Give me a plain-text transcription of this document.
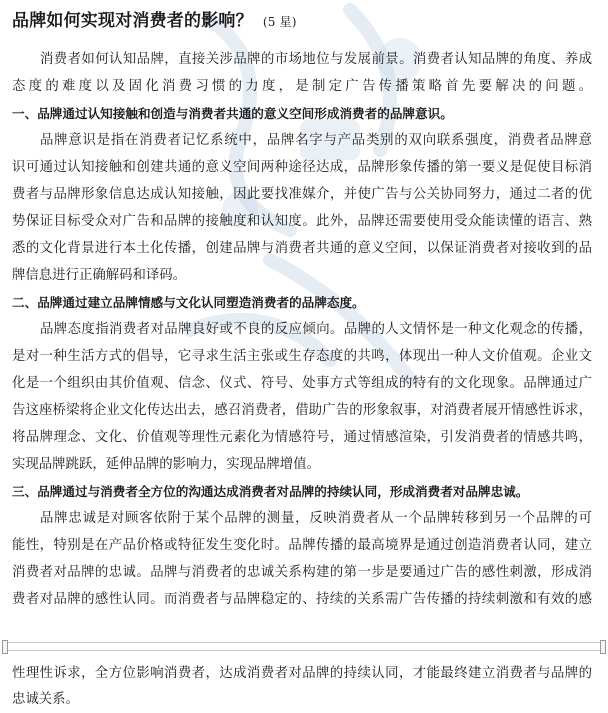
品牌如何实现对消费者的影响？ (5 星)
消费者如何认知品牌，直接关涉品牌的市场地位与发展前景。消费者认知品牌的角度、养成
态度的难度以及固化消费习惯的力度，是制定广告传播策略首先要解决的问题。
一、品牌通过认知接触和创造与消费者共通的意义空间形成消费者的品牌意识。
品牌意识是指在消费者记忆系统中，品牌名字与产品类别的双向联系强度，消费者品牌意
识可通过认知接触和创建共通的意义空间两种途径达成，品牌形象传播的第一要义是促使目标消
费者与品牌形象信息达成认知接触，因此要找准媒介，并使广告与公关协同努力，通过二者的优
势保证目标受众对广告和品牌的接触度和认知度。此外，品牌还需要使用受众能读懂的语言、熟
悉的文化背景进行本土化传播，创建品牌与消费者共通的意义空间，以保证消费者对接收到的品
牌信息进行正确解码和译码。
二、品牌通过建立品牌情感与文化认同塑造消费者的品牌态度。
品牌态度指消费者对品牌良好或不良的反应倾向。品牌的人文情怀是一种文化观念的传播，
是对一种生活方式的倡导，它寻求生活主张或生存态度的共鸣，体现出一种人文价值观。企业文
化是一个组织由其价值观、信念、仪式、符号、处事方式等组成的特有的文化现象。品牌通过广
告这座桥梁将企业文化传达出去，感召消费者，借助广告的形象叙事，对消费者展开情感性诉求，
将品牌理念、文化、价值观等理性元素化为情感符号，通过情感渲染，引发消费者的情感共鸣，
实现品牌跳跃，延伸品牌的影响力，实现品牌增值。
三、品牌通过与消费者全方位的沟通达成消费者对品牌的持续认同，形成消费者对品牌忠诚。
品牌忠诚是对顾客依附于某个品牌的测量，反映消费者从一个品牌转移到另一个品牌的可
能性，特别是在产品价格或特征发生变化时。品牌传播的最高境界是通过创造消费者认同，建立
消费者对品牌的忠诚。品牌与消费者的忠诚关系构建的第一步是要通过广告的感性刺激，形成消
费者对品牌的感性认同。而消费者与品牌稳定的、持续的关系需广告传播的持续刺激和有效的感
性理性诉求，全方位影响消费者，达成消费者对品牌的持续认同，才能最终建立消费者与品牌的
忠诚关系。
